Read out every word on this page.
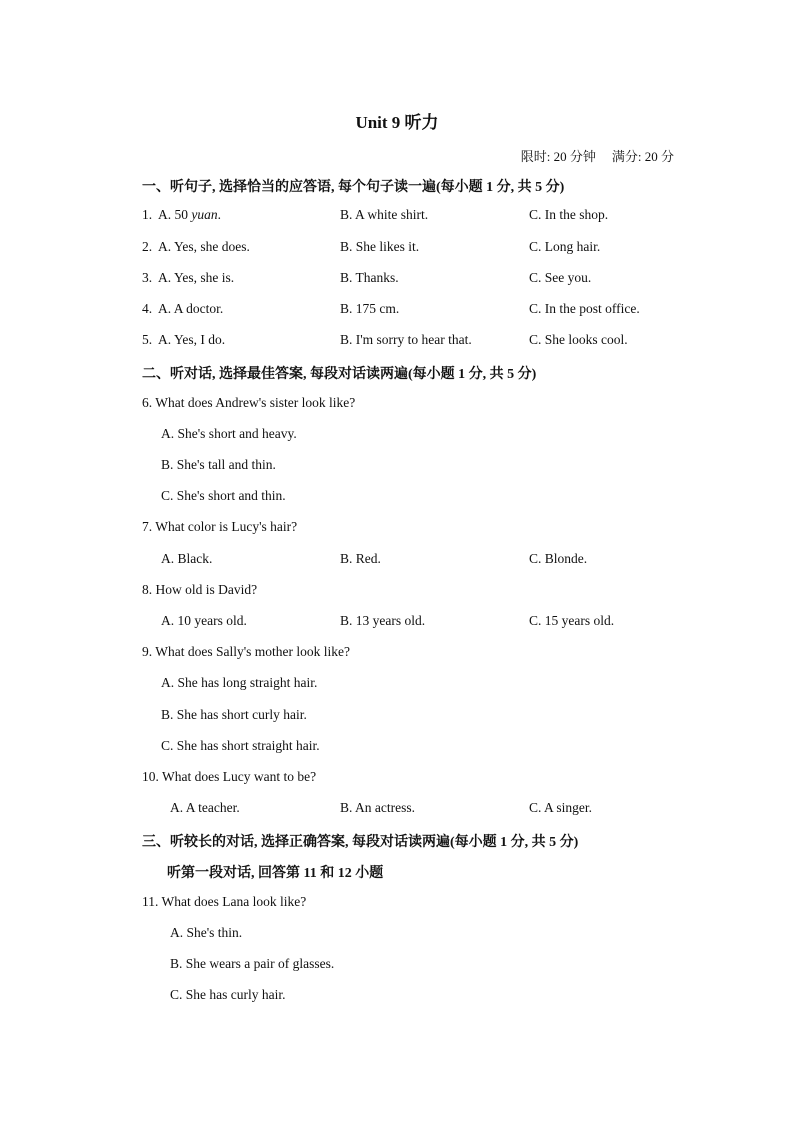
Unit 9 听力
限时: 20 分钟 满分: 20 分
一、听句子, 选择恰当的应答语, 每个句子读一遍(每小题 1 分, 共 5 分)
1. A. 50 yuan.	B. A white shirt.	C. In the shop.
2. A. Yes, she does.	B. She likes it.	C. Long hair.
3. A. Yes, she is.	B. Thanks.	C. See you.
4. A. A doctor.	B. 175 cm.	C. In the post office.
5. A. Yes, I do.	B. I'm sorry to hear that.	C. She looks cool.
二、听对话, 选择最佳答案, 每段对话读两遍(每小题 1 分, 共 5 分)
6. What does Andrew's sister look like?
A. She's short and heavy.
B. She's tall and thin.
C. She's short and thin.
7. What color is Lucy's hair?
A. Black.	B. Red.	C. Blonde.
8. How old is David?
A. 10 years old.	B. 13 years old.	C. 15 years old.
9. What does Sally's mother look like?
A. She has long straight hair.
B. She has short curly hair.
C. She has short straight hair.
10. What does Lucy want to be?
A. A teacher.	B. An actress.	C. A singer.
三、听较长的对话, 选择正确答案, 每段对话读两遍(每小题 1 分, 共 5 分)
听第一段对话, 回答第 11 和 12 小题
11. What does Lana look like?
A. She's thin.
B. She wears a pair of glasses.
C. She has curly hair.
